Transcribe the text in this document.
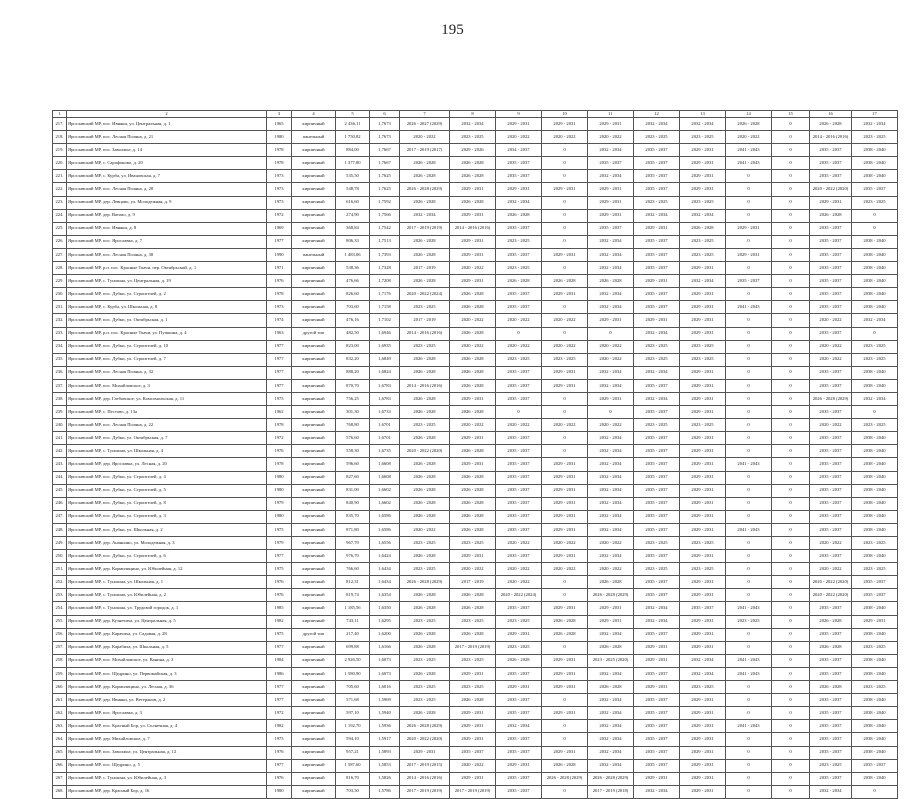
195
1	2	3	4	5	6	7	8	9	10	11	12	13	14	15	16	17
217.	Ярославский МР, пос. Ивняки, ул. Центральная, д. 1	1965	кирпичный	2 436,11	1,7673	2026 - 2027 (2029)	2032 - 2034	2029 - 2031	2029 - 2031	2029 - 2031	2032 - 2034	2032 - 2034	2026 - 2028	0	2026 - 2028	2032 - 2034
218.	Ярославский МР, пос. Лесная Поляна, д. 21	1980	панельный	1 750,82	1,7673	2020 - 2022	2023 - 2025	2020 - 2022	2020 - 2022	2020 - 2022	2023 - 2025	2023 - 2025	2020 - 2022	0	2014 - 2016 (2016)	2023 - 2025
219.	Ярославский МР, пос. Заволжье, д. 14	1978	кирпичный	884,00	1,7667	2017 - 2019 (2017)	2029 - 2026	2034 - 2037	0	2032 - 2034	2035 - 2037	2029 - 2031	2041 - 2043	0	2035 - 2037	2038 - 2040
220.	Ярославский МР, с. Сарафоново, д. 20	1978	кирпичный	1 377,80	1,7667	2026 - 2028	2026 - 2028	2035 - 2037	0	2035 - 2037	2035 - 2037	2029 - 2031	2041 - 2043	0	2035 - 2037	2038 - 2040
221.	Ярославский МР, с. Курба, ул. Ивановская, д. 7	1973	кирпичный	535,50	1,7625	2026 - 2028	2026 - 2028	2035 - 2037	0	2032 - 2034	2035 - 2037	2029 - 2031	0	0	2035 - 2037	2038 - 2040
222.	Ярославский МР, пос. Лесная Поляна, д. 28	1973	кирпичный	548,78	1,7625	2026 - 2028 (2029)	2029 - 2031	2029 - 2031	2029 - 2031	2029 - 2031	2035 - 2037	2029 - 2031	0	0	2020 - 2022 (2020)	2035 - 2037
223.	Ярославский МР, дер. Левцово, ул. Молодежная, д. 9	1973	кирпичный	616,60	1,7592	2026 - 2028	2026 - 2028	2032 - 2034	0	2029 - 2031	2023 - 2025	2023 - 2025	0	0	2029 - 2031	2023 - 2025
224.	Ярославский МР, дер. Ватово, д. 9	1972	кирпичный	274,90	1,7566	2032 - 2034	2029 - 2031	2026 - 2028	0	2029 - 2031	2032 - 2034	2032 - 2034	0	0	2026 - 2028	0
225.	Ярославский МР, пос. Ивняки, д. 8	1969	кирпичный	368,84	1,7542	2017 - 2019 (2019)	2014 - 2016 (2016)	2035 - 2037	0	2035 - 2037	2029 - 2031	2026 - 2028	2029 - 2031	0	2035 - 2037	0
226.	Ярославский МР, пос. Ярославка, д. 7	1977	кирпичный	806,33	1,7513	2026 - 2028	2029 - 2031	2023 - 2025	0	2032 - 2034	2035 - 2037	2023 - 2025	0	0	2035 - 2037	2038 - 2040
227.	Ярославский МР, пос. Лесная Поляна, д. 38	1990	панельный	1 483,06	1,7393	2026 - 2028	2029 - 2031	2035 - 2037	2029 - 2031	2032 - 2034	2035 - 2037	2023 - 2025	2029 - 2031	0	2035 - 2037	2038 - 2040
228.	Ярославский МР, р.п. пос. Красные Ткачи, пер. Октябрьский, д. 1	1971	кирпичный	538,36	1,7328	2017 - 2019	2020 - 2022	2023 - 2025	0	2032 - 2034	2035 - 2037	2029 - 2031	0	0	2035 - 2037	2038 - 2040
229.	Ярославский МР, с. Туношна, ул. Центральная, д. 19	1976	кирпичный	476,66	1,7208	2026 - 2028	2029 - 2031	2026 - 2028	2026 - 2028	2026 - 2028	2029 - 2031	2032 - 2034	2035 - 2037	0	2035 - 2037	2038 - 2040
230.	Ярославский МР, пос. Дубки, ул. Строителей, д. 2	1978	кирпичный	826,60	1,7176	2020 - 2022 (2024)	2026 - 2028	2035 - 2037	2029 - 2031	2032 - 2034	2035 - 2037	2029 - 2031	0	0	2035 - 2037	2038 - 2040
231.	Ярославский МР, с. Курба, ул. Школьная, д. 8	1973	кирпичный	703,60	1,7158	2023 - 2025	2026 - 2028	2035 - 2037	0	2032 - 2034	2035 - 2037	2029 - 2031	2041 - 2043	0	2035 - 2037	2038 - 2040
232.	Ярославский МР, пос. Дубки, ул. Октябрьская, д. 1	1974	кирпичный	476,16	1,7102	2017 - 2019	2020 - 2022	2020 - 2022	2020 - 2022	2029 - 2031	2029 - 2031	2029 - 2031	0	0	2020 - 2022	2032 - 2034
233.	Ярославский МР, р.п. пос. Красные Ткачи, ул. Пушкина, д. 4	1963	другой тип	482,50	1,6946	2014 - 2016 (2016)	2026 - 2028	0	0	0	2032 - 2034	2029 - 2031	0	0	2035 - 2037	0
234.	Ярославский МР, пос. Дубки, ул. Строителей, д. 10	1977	кирпичный	823,00	1,6935	2023 - 2025	2020 - 2022	2020 - 2022	2020 - 2022	2020 - 2022	2023 - 2025	2023 - 2025	0	0	2020 - 2022	2023 - 2025
235.	Ярославский МР, пос. Дубки, ул. Строителей, д. 7	1977	кирпичный	832,20	1,6849	2026 - 2028	2026 - 2028	2023 - 2025	2023 - 2025	2020 - 2022	2023 - 2025	2023 - 2025	0	0	2020 - 2022	2023 - 2025
236.	Ярославский МР, пос. Лесная Поляна, д. 32	1977	кирпичный	888,20	1,6824	2026 - 2028	2026 - 2028	2035 - 2037	2029 - 2031	2032 - 2034	2032 - 2034	2029 - 2031	0	0	2035 - 2037	2038 - 2040
237.	Ярославский МР, пос. Михайловское, д. 3	1977	кирпичный	870,70	1,6783	2014 - 2016 (2016)	2026 - 2028	2035 - 2037	2029 - 2031	2032 - 2034	2035 - 2037	2029 - 2031	0	0	2035 - 2037	2038 - 2040
238.	Ярославский МР, дер. Глебовское, ул. Комсомольская, д. 11	1975	кирпичный	756,25	1,6783	2026 - 2028	2029 - 2031	2035 - 2037	0	2029 - 2031	2032 - 2034	2029 - 2031	0	0	2026 - 2028 (2029)	2032 - 2034
239.	Ярославский МР, с. Пестово, д. 13а	1962	кирпичный	301,30	1,6733	2026 - 2028	2026 - 2028	0	0	0	2035 - 2037	2029 - 2031	0	0	2035 - 2037	0
240.	Ярославский МР, пос. Лесная Поляна, д. 22	1978	кирпичный	768,80	1,6701	2023 - 2025	2020 - 2022	2020 - 2022	2020 - 2022	2020 - 2022	2023 - 2025	2023 - 2025	0	0	2020 - 2022	2023 - 2025
241.	Ярославский МР, пос. Дубки, ул. Октябрьская, д. 7	1972	кирпичный	576,60	1,6701	2026 - 2028	2029 - 2031	2035 - 2037	0	2032 - 2034	2035 - 2037	2029 - 2031	0	0	2035 - 2037	2038 - 2040
242.	Ярославский МР, с. Туношна, ул. Школьная, д. 4	1976	кирпичный	558,30	1,6735	2020 - 2022 (2020)	2026 - 2028	2035 - 2037	0	2032 - 2034	2035 - 2037	2029 - 2031	0	0	2035 - 2037	2038 - 2040
243.	Ярославский МР, дер. Ярославка, ул. Лесная, д. 20	1978	кирпичный	596,60	1,6608	2026 - 2028	2029 - 2031	2035 - 2037	2029 - 2031	2032 - 2034	2035 - 2037	2029 - 2031	2041 - 2043	0	2035 - 2037	2038 - 2040
244.	Ярославский МР, пос. Дубки, ул. Строителей, д. 4	1980	кирпичный	827,60	1,6608	2026 - 2028	2026 - 2028	2035 - 2037	2029 - 2031	2032 - 2034	2035 - 2037	2029 - 2031	0	0	2035 - 2037	2038 - 2040
245.	Ярославский МР, пос. Дубки, ул. Строителей, д. 5	1980	кирпичный	831,00	1,6602	2026 - 2028	2026 - 2028	2035 - 2037	2029 - 2031	2032 - 2034	2035 - 2037	2029 - 2031	0	0	2035 - 2037	2038 - 2040
246.	Ярославский МР, пос. Дубки, ул. Строителей, д. 8	1979	кирпичный	840,90	1,6602	2026 - 2028	2026 - 2028	2035 - 2037	2029 - 2031	2032 - 2034	2035 - 2037	2029 - 2031	0	0	2035 - 2037	2038 - 2040
247.	Ярославский МР, пос. Дубки, ул. Строителей, д. 3	1980	кирпичный	835,70	1,6586	2026 - 2028	2026 - 2028	2035 - 2037	2029 - 2031	2032 - 2034	2035 - 2037	2029 - 2031	0	0	2035 - 2037	2038 - 2040
248.	Ярославский МР, пос. Дубки, ул. Школьная, д. 2	1975	кирпичный	871,80	1,6586	2020 - 2022	2026 - 2028	2035 - 2037	2029 - 2031	2032 - 2034	2035 - 2037	2029 - 2031	2041 - 2043	0	2035 - 2037	2038 - 2040
249.	Ярославский МР, дер. Ананьино, ул. Молодежная, д. 3	1979	кирпичный	967,70	1,6556	2023 - 2025	2023 - 2025	2020 - 2022	2020 - 2022	2020 - 2022	2023 - 2025	2023 - 2025	0	0	2020 - 2022	2023 - 2025
250.	Ярославский МР, пос. Дубки, ул. Строителей, д. 6	1977	кирпичный	976,70	1,6424	2026 - 2028	2029 - 2031	2035 - 2037	2029 - 2031	2032 - 2034	2035 - 2037	2029 - 2031	0	0	2035 - 2037	2038 - 2040
251.	Ярославский МР, дер. Кормилицино, ул. Юбилейная, д. 12	1975	кирпичный	766,60	1,6434	2023 - 2025	2020 - 2022	2020 - 2022	2020 - 2022	2020 - 2022	2023 - 2025	2023 - 2025	0	0	2020 - 2022	2023 - 2025
252.	Ярославский МР, с. Туношна, ул. Школьная, д. 1	1976	кирпичный	812,31	1,6434	2026 - 2028 (2029)	2017 - 2019	2020 - 2022	0	2026 - 2028	2035 - 2037	2029 - 2031	0	0	2020 - 2022 (2020)	2035 - 2037
253.	Ярославский МР, с. Туношна, ул. Юбилейная, д. 2	1976	кирпичный	819,74	1,6354	2026 - 2028	2026 - 2028	2020 - 2022 (2024)	0	2026 - 2028 (2029)	2035 - 2037	2029 - 2031	0	0	2020 - 2022 (2020)	2035 - 2037
254.	Ярославский МР, с. Туношна, ул. Трудовой городок, д. 1	1985	кирпичный	1 185,56	1,6350	2026 - 2028	2026 - 2028	2035 - 2037	2029 - 2031	2029 - 2031	2032 - 2034	2035 - 2037	2041 - 2043	0	2035 - 2037	2038 - 2040
255.	Ярославский МР, дер. Кузнечиха, ул. Центральная, д. 5	1982	кирпичный	743,11	1,6295	2023 - 2025	2023 - 2025	2023 - 2025	2026 - 2028	2029 - 2031	2032 - 2034	2029 - 2031	2023 - 2025	0	2026 - 2028	2029 - 2031
256.	Ярославский МР, дер. Карачиха, ул. Садовая, д. 28	1975	другой тип	217,40	1,6200	2026 - 2028	2026 - 2028	2029 - 2031	2026 - 2028	2032 - 2034	2035 - 2037	2029 - 2031	0	0	2035 - 2037	2038 - 2040
257.	Ярославский МР, дер. Карабиха, ул. Школьная, д. 5	1977	кирпичный	699,88	1,6166	2026 - 2028	2017 - 2019 (2019)	2023 - 2025	0	2026 - 2028	2029 - 2031	2029 - 2031	0	0	2026 - 2028	2023 - 2025
258.	Ярославский МР, пос. Михайловское, ул. Ванина, д. 3	1984	кирпичный	2 926,50	1,6073	2023 - 2025	2023 - 2025	2026 - 2028	2029 - 2031	2023 - 2025 (2020)	2029 - 2031	2032 - 2034	2041 - 2043	0	2035 - 2037	2038 - 2040
259.	Ярославский МР, пос. Щедрино, ул. Первомайская, д. 3	1986	кирпичный	1 580,90	1,6073	2026 - 2028	2029 - 2031	2035 - 2037	2029 - 2031	2032 - 2034	2035 - 2037	2032 - 2034	2041 - 2043	0	2035 - 2037	2038 - 2040
260.	Ярославский МР, дер. Кормилицино, ул. Лесная, д. 36	1977	кирпичный	705,60	1,6016	2023 - 2025	2023 - 2025	2029 - 2031	2029 - 2031	2026 - 2028	2029 - 2031	2023 - 2025	0	0	2026 - 2028	2023 - 2025
261.	Ярославский МР, дер. Ивняки, ул. Ветеранов, д. 2	1977	кирпичный	571,68	1,5969	2023 - 2025	2026 - 2028	2035 - 2037	0	2032 - 2034	2035 - 2037	2029 - 2031	0	0	2035 - 2037	2038 - 2040
262.	Ярославский МР, пос. Ярославка, д. 3	1972	кирпичный	597,10	1,5940	2026 - 2028	2029 - 2031	2035 - 2037	2029 - 2031	2032 - 2034	2035 - 2037	2029 - 2031	0	0	2035 - 2037	2038 - 2040
263.	Ярославский МР, пос. Красный Бор, ул. Солнечная, д. 4	1982	кирпичный	1 192,70	1,5936	2026 - 2028 (2029)	2029 - 2031	2032 - 2034	0	2032 - 2034	2035 - 2037	2029 - 2031	2041 - 2043	0	2035 - 2037	2038 - 2040
264.	Ярославский МР, дер. Михайловское, д. 7	1975	кирпичный	594,10	1,5917	2020 - 2022 (2020)	2029 - 2031	2035 - 2037	0	2032 - 2034	2035 - 2037	2029 - 2031	0	0	2035 - 2037	2038 - 2040
265.	Ярославский МР, пос. Заволжье, ул. Центральная, д. 12	1976	кирпичный	957,21	1,5893	2029 - 2031	2035 - 2037	2035 - 2037	2029 - 2031	2032 - 2034	2035 - 2037	2029 - 2031	0	0	2035 - 2037	2038 - 2040
266.	Ярославский МР, пос. Щедрино, д. 5	1977	кирпичный	1 587,60	1,5853	2017 - 2019 (2015)	2020 - 2022	2029 - 2031	2026 - 2028	2032 - 2034	2035 - 2037	2029 - 2031	0	0	2023 - 2025	2035 - 2037
267.	Ярославский МР, с. Туношна, ул. Юбилейная, д. 3	1976	кирпичный	816,70	1,5826	2014 - 2016 (2016)	2029 - 2031	2035 - 2037	2026 - 2028 (2029)	2026 - 2028 (2029)	2029 - 2031	2029 - 2031	0	0	2035 - 2037	2038 - 2040
268.	Ярославский МР, дер. Красный Бор, д. 16	1980	кирпичный	703,50	1,5786	2017 - 2019 (2019)	2017 - 2019 (2019)	2035 - 2037	0	2017 - 2019 (2018)	2032 - 2034	2029 - 2031	0	0	2032 - 2034	0
